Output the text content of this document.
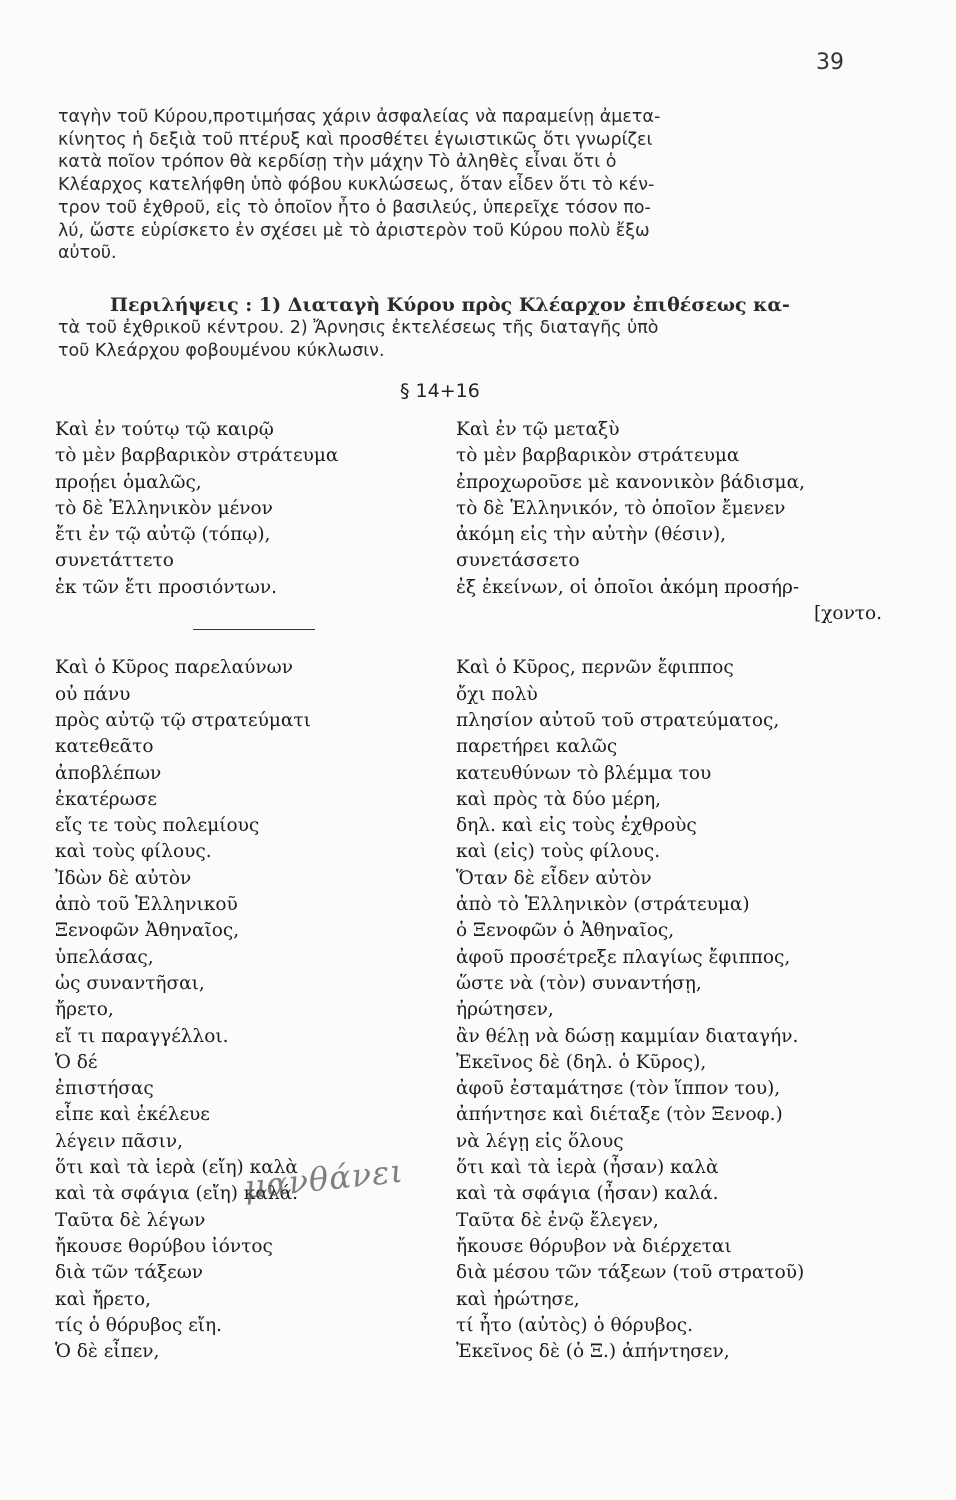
39
ταγὴν τοῦ Κύρου,προτιμήσας χάριν ἀσφαλείας νὰ παραμείνῃ ἀμετα-
κίνητος ἡ δεξιὰ τοῦ πτέρυξ καὶ προσθέτει ἐγωιστικῶς ὅτι γνωρίζει
κατὰ ποῖον τρόπον θὰ κερδίσῃ τὴν μάχην Τὸ ἀληθὲς εἶναι ὅτι ὁ
Κλέαρχος κατελήφθη ὑπὸ φόβου κυκλώσεως, ὅταν εἶδεν ὅτι τὸ κέν-
τρον τοῦ ἐχθροῦ, εἰς τὸ ὁποῖον ἦτο ὁ βασιλεύς, ὑπερεῖχε τόσον πο-
λύ, ὥστε εὑρίσκετο ἐν σχέσει μὲ τὸ ἀριστερὸν τοῦ Κύρου πολὺ ἔξω
αὐτοῦ.
Περιλήψεις : 1) Διαταγὴ Κύρου πρὸς Κλέαρχον ἐπιθέσεως κα-
τὰ τοῦ ἐχθρικοῦ κέντρου. 2) Ἄρνησις ἐκτελέσεως τῆς διαταγῆς ὑπὸ
τοῦ Κλεάρχου φοβουμένου κύκλωσιν.
§ 14+16
Καὶ ἐν τούτῳ τῷ καιρῷ
τὸ μὲν βαρβαρικὸν στράτευμα
προῄει ὁμαλῶς,
τὸ δὲ Ἑλληνικὸν μένον
ἔτι ἐν τῷ αὐτῷ (τόπῳ),
συνετάττετο
ἐκ τῶν ἔτι προσιόντων.
Καὶ ὁ Κῦρος παρελαύνων
οὐ πάνυ
πρὸς αὐτῷ τῷ στρατεύματι
κατεθεᾶτο
ἀποβλέπων
ἑκατέρωσε
εἴς τε τοὺς πολεμίους
καὶ τοὺς φίλους.
Ἰδὼν δὲ αὐτὸν
ἀπὸ τοῦ Ἑλληνικοῦ
Ξενοφῶν Ἀθηναῖος,
ὑπελάσας,
ὡς συναντῆσαι,
ἤρετο,
εἴ τι παραγγέλλοι.
Ὁ δέ
ἐπιστήσας
εἶπε καὶ ἐκέλευε
λέγειν πᾶσιν,
ὅτι καὶ τὰ ἱερὰ (εἴη) καλὰ
καὶ τὰ σφάγια (εἴη) καλά.
Ταῦτα δὲ λέγων
ἤκουσε θορύβου ἰόντος
διὰ τῶν τάξεων
καὶ ἤρετο,
τίς ὁ θόρυβος εἴη.
Ὁ δὲ εἶπεν,
Καὶ ἐν τῷ μεταξὺ
τὸ μὲν βαρβαρικὸν στράτευμα
ἐπροχωροῦσε μὲ κανονικὸν βάδισμα,
τὸ δὲ Ἑλληνικόν, τὸ ὁποῖον ἔμενεν
ἀκόμη εἰς τὴν αὐτὴν (θέσιν),
συνετάσσετο
ἐξ ἐκείνων, οἱ ὁποῖοι ἀκόμη προσήρ-
[χοντο.
Καὶ ὁ Κῦρος, περνῶν ἔφιππος
ὄχι πολὺ
πλησίον αὐτοῦ τοῦ στρατεύματος,
παρετήρει καλῶς
κατευθύνων τὸ βλέμμα του
καὶ πρὸς τὰ δύο μέρη,
δηλ. καὶ εἰς τοὺς ἐχθροὺς
καὶ (εἰς) τοὺς φίλους.
Ὅταν δὲ εἶδεν αὐτὸν
ἀπὸ τὸ Ἑλληνικὸν (στράτευμα)
ὁ Ξενοφῶν ὁ Ἀθηναῖος,
ἀφοῦ προσέτρεξε πλαγίως ἔφιππος,
ὥστε νὰ (τὸν) συναντήσῃ,
ἠρώτησεν,
ἂν θέλῃ νὰ δώσῃ καμμίαν διαταγήν.
Ἐκεῖνος δὲ (δηλ. ὁ Κῦρος),
ἀφοῦ ἐσταμάτησε (τὸν ἵππον του),
ἀπήντησε καὶ διέταξε (τὸν Ξενοφ.)
νὰ λέγῃ εἰς ὅλους
ὅτι καὶ τὰ ἱερὰ (ἦσαν) καλὰ
καὶ τὰ σφάγια (ἦσαν) καλά.
Ταῦτα δὲ ἐνῷ ἔλεγεν,
ἤκουσε θόρυβον νὰ διέρχεται
διὰ μέσου τῶν τάξεων (τοῦ στρατοῦ)
καὶ ἠρώτησε,
τί ἦτο (αὐτὸς) ὁ θόρυβος.
Ἐκεῖνος δὲ (ὁ Ξ.) ἀπήντησεν,
μανθάνει
